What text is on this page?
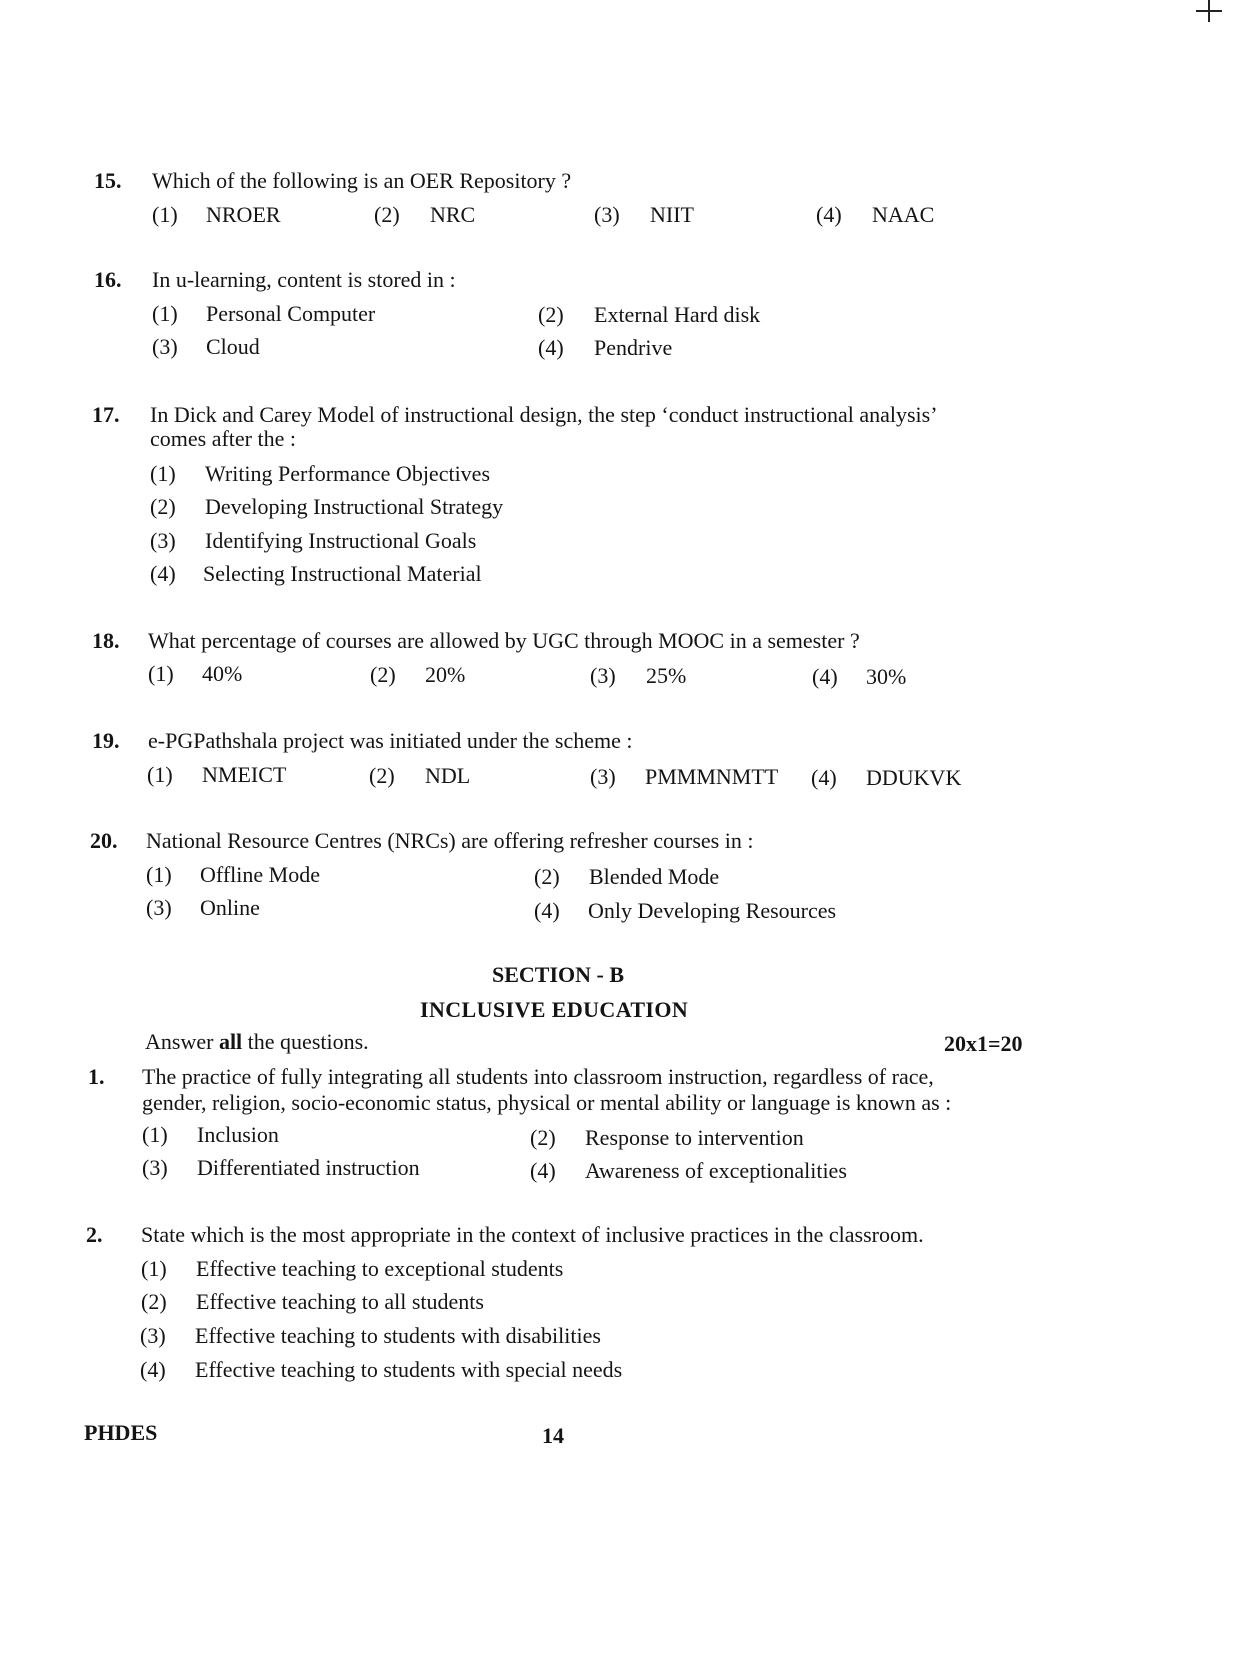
15. Which of the following is an OER Repository ?
(1) NROER	(2) NRC	(3) NIIT	(4) NAAC
16. In u-learning, content is stored in :
(1) Personal Computer	(2) External Hard disk
(3) Cloud	(4) Pendrive
17. In Dick and Carey Model of instructional design, the step ‘conduct instructional analysis’
comes after the :
(1) Writing Performance Objectives
(2) Developing Instructional Strategy
(3) Identifying Instructional Goals
(4) Selecting Instructional Material
18. What percentage of courses are allowed by UGC through MOOC in a semester ?
(1) 40%	(2) 20%	(3) 25%	(4) 30%
19. e-PGPathshala project was initiated under the scheme :
(1) NMEICT	(2) NDL	(3) PMMMNMTT (4) DDUKVK
20. National Resource Centres (NRCs) are offering refresher courses in :
(1) Offline Mode	(2) Blended Mode
(3) Online	(4) Only Developing Resources
SECTION - B
INCLUSIVE EDUCATION
Answer all the questions.	20x1=20
1. The practice of fully integrating all students into classroom instruction, regardless of race,
gender, religion, socio-economic status, physical or mental ability or language is known as :
(1) Inclusion	(2) Response to intervention
(3) Differentiated instruction	(4) Awareness of exceptionalities
2. State which is the most appropriate in the context of inclusive practices in the classroom.
(1) Effective teaching to exceptional students
(2) Effective teaching to all students
(3) Effective teaching to students with disabilities
(4) Effective teaching to students with special needs
PHDES	14
